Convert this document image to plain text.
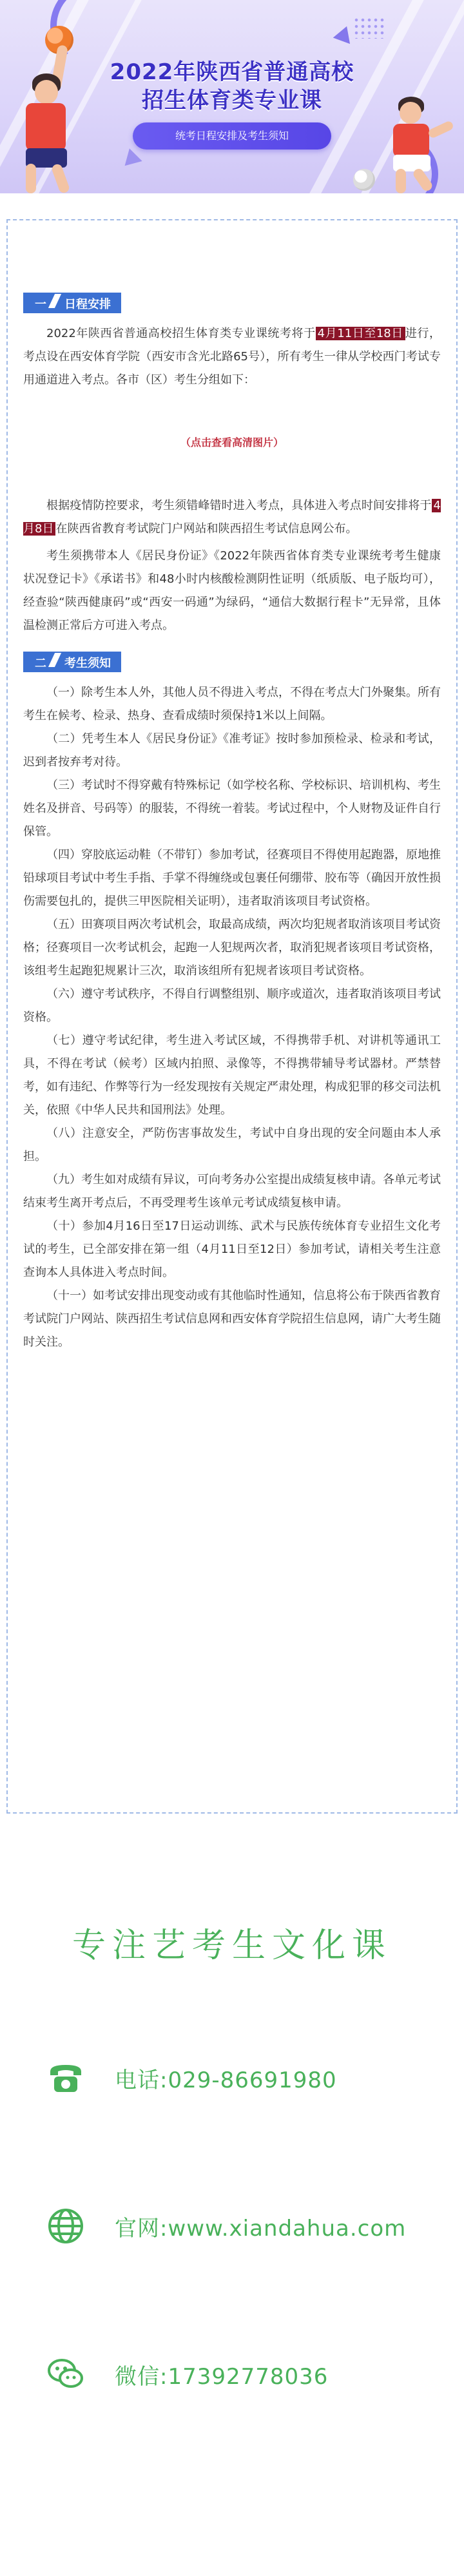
2022年陕西省普通高校
招生体育类专业课
统考日程安排及考生须知
一 日程安排

2022年陕西省普通高校招生体育类专业课统考将于 4月11日至18日 进行，考点设在西安体育学院（西安市含光北路65号），所有考生一律从学校西门考试专用通道进入考点。各市（区）考生分组如下：

（点击查看高清图片）

根据疫情防控要求，考生须错峰错时进入考点，具体进入考点时间安排将于 4月8日 在陕西省教育考试院门户网站和陕西招生考试信息网公布。

考生须携带本人《居民身份证》《2022年陕西省体育类专业课统考考生健康状况登记卡》《承诺书》和48小时内核酸检测阴性证明（纸质版、电子版均可），经查验“陕西健康码”或“西安一码通”为绿码，“通信大数据行程卡”无异常，且体温检测正常后方可进入考点。

二 考生须知

（一）除考生本人外，其他人员不得进入考点，不得在考点大门外聚集。所有考生在候考、检录、热身、查看成绩时须保持1米以上间隔。

（二）凭考生本人《居民身份证》《准考证》按时参加预检录、检录和考试，迟到者按弃考对待。

（三）考试时不得穿戴有特殊标记（如学校名称、学校标识、培训机构、考生姓名及拼音、号码等）的服装，不得统一着装。考试过程中，个人财物及证件自行保管。

（四）穿胶底运动鞋（不带钉）参加考试，径赛项目不得使用起跑器，原地推铅球项目考试中考生手指、手掌不得缠绕或包裹任何绷带、胶布等（确因开放性损伤需要包扎的，提供三甲医院相关证明），违者取消该项目考试资格。

（五）田赛项目两次考试机会，取最高成绩，两次均犯规者取消该项目考试资格；径赛项目一次考试机会，起跑一人犯规两次者，取消犯规者该项目考试资格，该组考生起跑犯规累计三次，取消该组所有犯规者该项目考试资格。

（六）遵守考试秩序，不得自行调整组别、顺序或道次，违者取消该项目考试资格。

（七）遵守考试纪律，考生进入考试区域，不得携带手机、对讲机等通讯工具，不得在考试（候考）区域内拍照、录像等，不得携带辅导考试器材。严禁替考，如有违纪、作弊等行为一经发现按有关规定严肃处理，构成犯罪的移交司法机关，依照《中华人民共和国刑法》处理。

（八）注意安全，严防伤害事故发生，考试中自身出现的安全问题由本人承担。

（九）考生如对成绩有异议，可向考务办公室提出成绩复核申请。各单元考试结束考生离开考点后，不再受理考生该单元考试成绩复核申请。

（十）参加4月16日至17日运动训练、武术与民族传统体育专业招生文化考试的考生，已全部安排在第一组（4月11日至12日）参加考试，请相关考生注意查询本人具体进入考点时间。

（十一）如考试安排出现变动或有其他临时性通知，信息将公布于陕西省教育考试院门户网站、陕西招生考试信息网和西安体育学院招生信息网，请广大考生随时关注。

专注艺考生文化课
电话:029-86691980
官网:www.xiandahua.com
微信:17392778036
